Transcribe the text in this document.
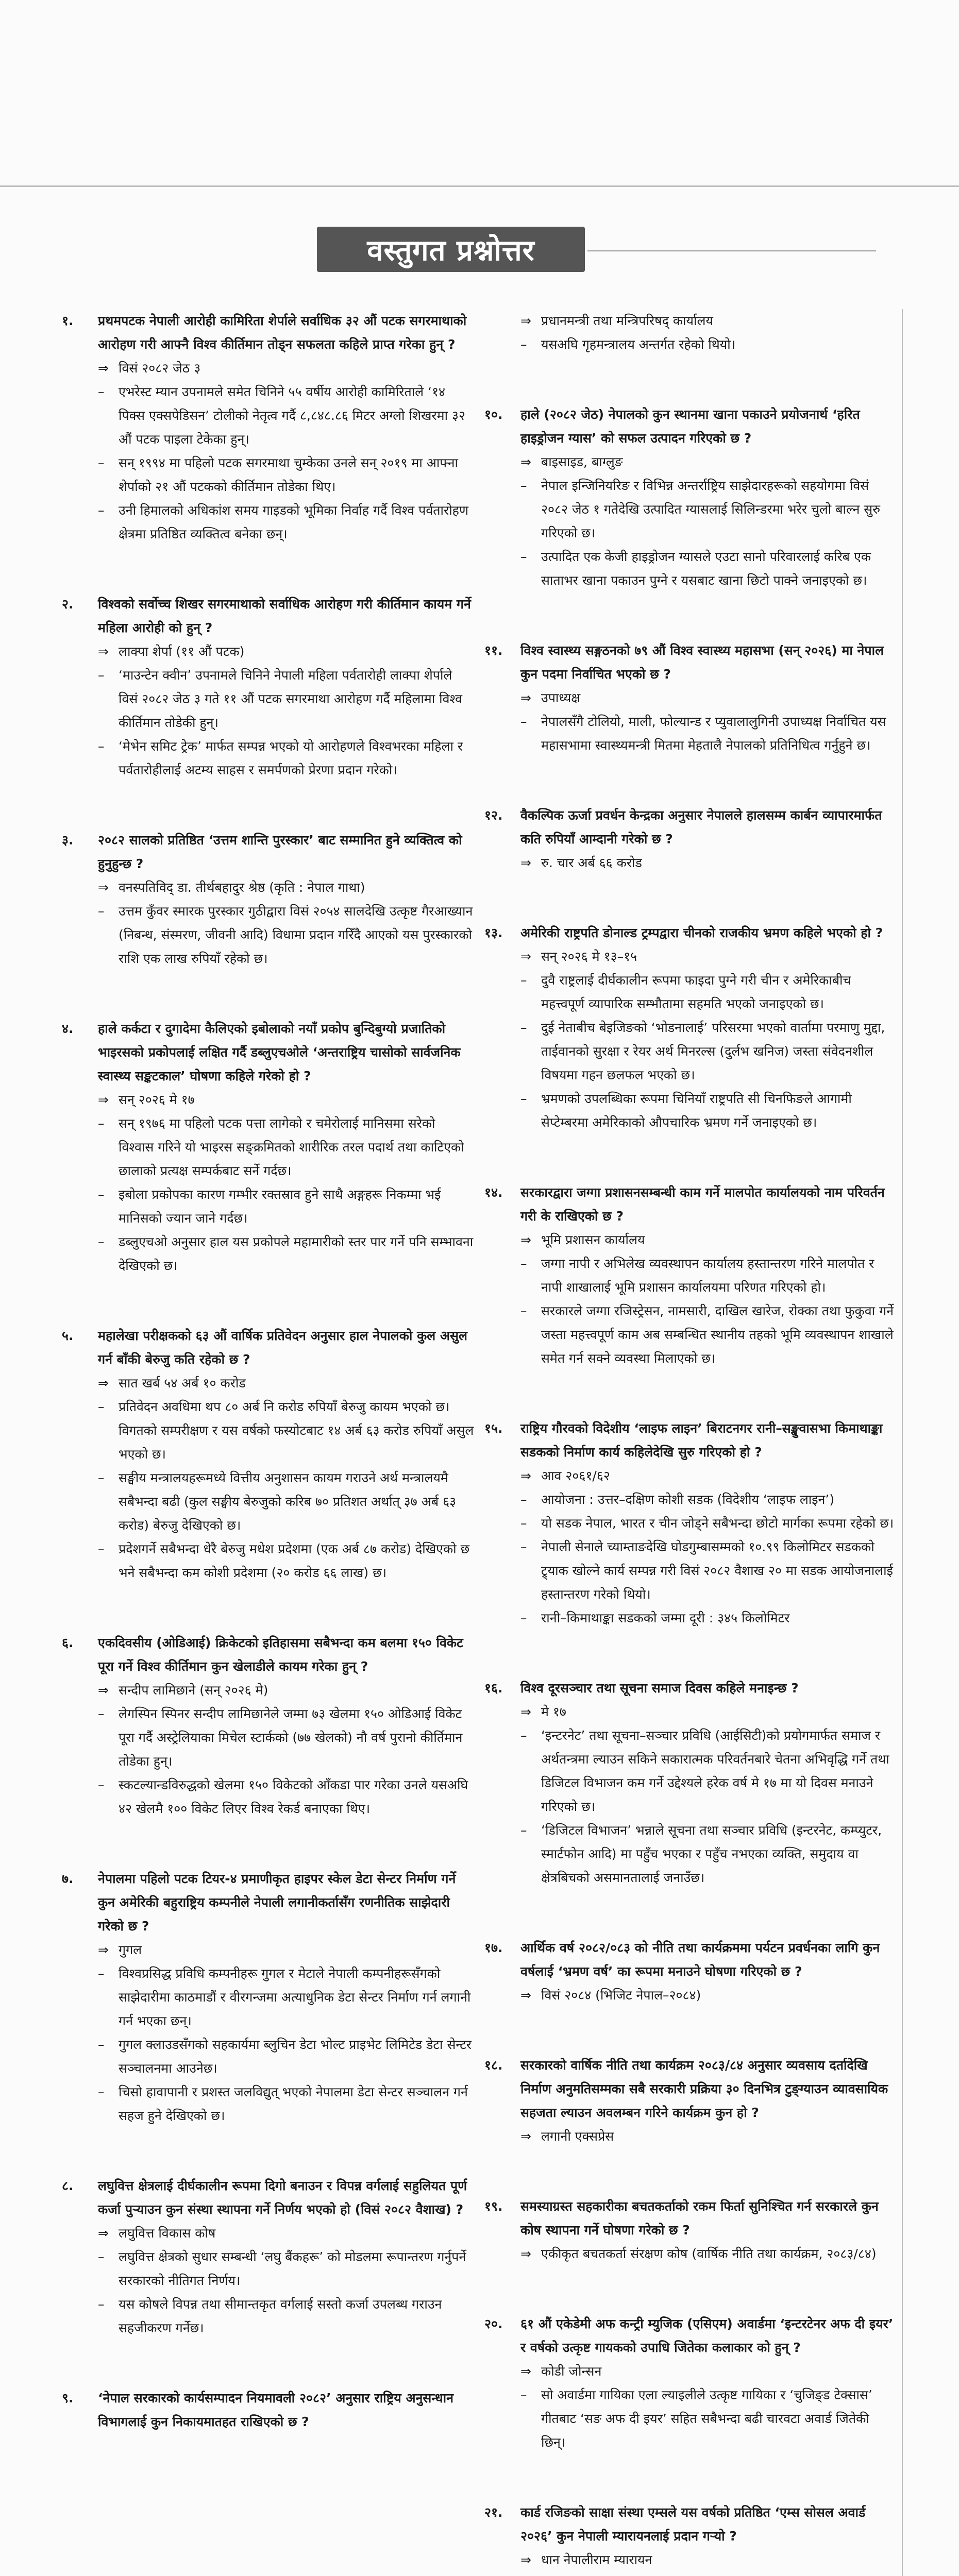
वस्तुगत प्रश्नोत्तर
१.	प्रथमपटक नेपाली आरोही कामिरिता शेर्पाले सर्वाधिक ३२ औं पटक सगरमाथाको आरोहण गरी आफ्नै विश्व कीर्तिमान तोड्न सफलता कहिले प्राप्त गरेका हुन् ?
⇒ विसं २०८२ जेठ ३
–	एभरेस्ट म्यान उपनामले समेत चिनिने ५५ वर्षीय आरोही कामिरिताले ‘१४ पिक्स एक्सपेडिसन’ टोलीको नेतृत्व गर्दै ८,८४८.८६ मिटर अग्लो शिखरमा ३२ औं पटक पाइला टेकेका हुन्।
–	सन् १९९४ मा पहिलो पटक सगरमाथा चुम्केका उनले सन् २०१९ मा आफ्ना शेर्पाको २१ औं पटकको कीर्तिमान तोडेका थिए।
–	उनी हिमालको अधिकांश समय गाइडको भूमिका निर्वाह गर्दै विश्व पर्वतारोहण क्षेत्रमा प्रतिष्ठित व्यक्तित्व बनेका छन्।
२.	विश्वको सर्वोच्च शिखर सगरमाथाको सर्वाधिक आरोहण गरी कीर्तिमान कायम गर्ने महिला आरोही को हुन् ?
⇒ लाक्पा शेर्पा (११ औं पटक)
–	‘माउन्टेन क्वीन’ उपनामले चिनिने नेपाली महिला पर्वतारोही लाक्पा शेर्पाले विसं २०८२ जेठ ३ गते ११ औं पटक सगरमाथा आरोहण गर्दै महिलामा विश्व कीर्तिमान तोडेकी हुन्।
–	‘मेभेन समिट ट्रेक’ मार्फत सम्पन्न भएको यो आरोहणले विश्वभरका महिला र पर्वतारोहीलाई अटम्य साहस र समर्पणको प्रेरणा प्रदान गरेको।
३.	२०८२ सालको प्रतिष्ठित ‘उत्तम शान्ति पुरस्कार’ बाट सम्मानित हुने व्यक्तित्व को हुनुहुन्छ ?
⇒ वनस्पतिविद् डा. तीर्थबहादुर श्रेष्ठ (कृति : नेपाल गाथा)
–	उत्तम कुँवर स्मारक पुरस्कार गुठीद्वारा विसं २०५४ सालदेखि उत्कृष्ट गैरआख्यान (निबन्ध, संस्मरण, जीवनी आदि) विधामा प्रदान गरिँदै आएको यस पुरस्कारको राशि एक लाख रुपियाँ रहेको छ।
४.	हाले कर्कटा र दुगादेमा कैलिएको इबोलाको नयाँ प्रकोप बुन्दिबुग्यो प्रजातिको भाइरसको प्रकोपलाई लक्षित गर्दै डब्लुएचओले ‘अन्तराष्ट्रिय चासोको सार्वजनिक स्वास्थ्य सङ्कटकाल’ घोषणा कहिले गरेको हो ?
⇒ सन् २०२६ मे १७
–	सन् १९७६ मा पहिलो पटक पत्ता लागेको र चमेरोलाई मानिसमा सरेको विश्वास गरिने यो भाइरस सङ्क्रमितको शारीरिक तरल पदार्थ तथा काटिएको छालाको प्रत्यक्ष सम्पर्कबाट सर्ने गर्दछ।
–	इबोला प्रकोपका कारण गम्भीर रक्तस्राव हुने साथै अङ्गहरू निकम्मा भई मानिसको ज्यान जाने गर्दछ।
–	डब्लुएचओ अनुसार हाल यस प्रकोपले महामारीको स्तर पार गर्ने पनि सम्भावना देखिएको छ।
५.	महालेखा परीक्षकको ६३ औं वार्षिक प्रतिवेदन अनुसार हाल नेपालको कुल असुल गर्न बाँकी बेरुजु कति रहेको छ ?
⇒ सात खर्ब ५४ अर्ब १० करोड
–	प्रतिवेदन अवधिमा थप ८० अर्ब नि करोड रुपियाँ बेरुजु कायम भएको छ। विगतको सम्परीक्षण र यस वर्षको फस्योटबाट १४ अर्ब ६३ करोड रुपियाँ असुल भएको छ।
–	सङ्घीय मन्त्रालयहरूमध्ये वित्तीय अनुशासन कायम गराउने अर्थ मन्त्रालयमै सबैभन्दा बढी (कुल सङ्घीय बेरुजुको करिब ७० प्रतिशत अर्थात् ३७ अर्ब ६३ करोड) बेरुजु देखिएको छ।
–	प्रदेशगर्ने सबैभन्दा धेरै बेरुजु मधेश प्रदेशमा (एक अर्ब ८७ करोड) देखिएको छ भने सबैभन्दा कम कोशी प्रदेशमा (२० करोड ६६ लाख) छ।
६.	एकदिवसीय (ओडिआई) क्रिकेटको इतिहासमा सबैभन्दा कम बलमा १५० विकेट पूरा गर्ने विश्व कीर्तिमान कुन खेलाडीले कायम गरेका हुन् ?
⇒ सन्दीप लामिछाने (सन् २०२६ मे)
–	लेगस्पिन स्पिनर सन्दीप लामिछानेले जम्मा ७३ खेलमा १५० ओडिआई विकेट पूरा गर्दै अस्ट्रेलियाका मिचेल स्टार्कको (७७ खेलको) नौ वर्ष पुरानो कीर्तिमान तोडेका हुन्।
–	स्कटल्यान्डविरुद्धको खेलमा १५० विकेटको आँकडा पार गरेका उनले यसअघि ४२ खेलमै १०० विकेट लिएर विश्व रेकर्ड बनाएका थिए।
७.	नेपालमा पहिलो पटक टियर-४ प्रमाणीकृत हाइपर स्केल डेटा सेन्टर निर्माण गर्ने कुन अमेरिकी बहुराष्ट्रिय कम्पनीले नेपाली लगानीकर्तासँग रणनीतिक साझेदारी गरेको छ ?
⇒ गुगल
–	विश्वप्रसिद्ध प्रविधि कम्पनीहरू गुगल र मेटाले नेपाली कम्पनीहरूसँगको साझेदारीमा काठमाडौं र वीरगन्जमा अत्याधुनिक डेटा सेन्टर निर्माण गर्न लगानी गर्न भएका छन्।
–	गुगल क्लाउडसँगको सहकार्यमा ब्लुचिन डेटा भोल्ट प्राइभेट लिमिटेड डेटा सेन्टर सञ्चालनमा आउनेछ।
–	चिसो हावापानी र प्रशस्त जलविद्युत् भएको नेपालमा डेटा सेन्टर सञ्चालन गर्न सहज हुने देखिएको छ।
८.	लघुवित्त क्षेत्रलाई दीर्घकालीन रूपमा दिगो बनाउन र विपन्न वर्गलाई सहुलियत पूर्ण कर्जा पुऱ्याउन कुन संस्था स्थापना गर्ने निर्णय भएको हो (विसं २०८२ वैशाख) ?
⇒ लघुवित्त विकास कोष
–	लघुवित्त क्षेत्रको सुधार सम्बन्धी ‘लघु बैंकहरू’ को मोडलमा रूपान्तरण गर्नुपर्ने सरकारको नीतिगत निर्णय।
–	यस कोषले विपन्न तथा सीमान्तकृत वर्गलाई सस्तो कर्जा उपलब्ध गराउन सहजीकरण गर्नेछ।
९.	‘नेपाल सरकारको कार्यसम्पादन नियमावली २०८२’ अनुसार राष्ट्रिय अनुसन्धान विभागलाई कुन निकायमातहत राखिएको छ ?
⇒ प्रधानमन्त्री तथा मन्त्रिपरिषद् कार्यालय
–	यसअघि गृहमन्त्रालय अन्तर्गत रहेको थियो।
१०.	हाले (२०८२ जेठ) नेपालको कुन स्थानमा खाना पकाउने प्रयोजनार्थ ‘हरित हाइड्रोजन ग्यास’ को सफल उत्पादन गरिएको छ ?
⇒ बाइसाइड, बाग्लुङ
–	नेपाल इन्जिनियरिङ र विभिन्न अन्तर्राष्ट्रिय साझेदारहरूको सहयोगमा विसं २०८२ जेठ १ गतेदेखि उत्पादित ग्यासलाई सिलिन्डरमा भरेर चुलो बाल्न सुरु गरिएको छ।
–	उत्पादित एक केजी हाइड्रोजन ग्यासले एउटा सानो परिवारलाई करिब एक साताभर खाना पकाउन पुग्ने र यसबाट खाना छिटो पाक्ने जनाइएको छ।
११.	विश्व स्वास्थ्य सङ्गठनको ७९ औं विश्व स्वास्थ्य महासभा (सन् २०२६) मा नेपाल कुन पदमा निर्वाचित भएको छ ?
⇒ उपाध्यक्ष
–	नेपालसँगै टोलियो, माली, फोल्यान्ड र प्युवालालुगिनी उपाध्यक्ष निर्वाचित यस महासभामा स्वास्थ्यमन्त्री मितमा मेहतालै नेपालको प्रतिनिधित्व गर्नुहुने छ।
१२.	वैकल्पिक ऊर्जा प्रवर्धन केन्द्रका अनुसार नेपालले हालसम्म कार्बन व्यापारमार्फत कति रुपियाँ आम्दानी गरेको छ ?
⇒ रु. चार अर्ब ६६ करोड
१३.	अमेरिकी राष्ट्रपति डोनाल्ड ट्रम्पद्वारा चीनको राजकीय भ्रमण कहिले भएको हो ?
⇒ सन् २०२६ मे १३–१५
–	दुवै राष्ट्रलाई दीर्घकालीन रूपमा फाइदा पुग्ने गरी चीन र अमेरिकाबीच महत्त्वपूर्ण व्यापारिक सम्भौतामा सहमति भएको जनाइएको छ।
–	दुई नेताबीच बेइजिङको ‘भोडनालाई’ परिसरमा भएको वार्तामा परमाणु मुद्दा, ताईवानको सुरक्षा र रेयर अर्थ मिनरल्स (दुर्लभ खनिज) जस्ता संवेदनशील विषयमा गहन छलफल भएको छ।
–	भ्रमणको उपलब्धिका रूपमा चिनियाँ राष्ट्रपति सी चिनफिङले आगामी सेप्टेम्बरमा अमेरिकाको औपचारिक भ्रमण गर्ने जनाइएको छ।
१४.	सरकारद्वारा जग्गा प्रशासनसम्बन्धी काम गर्ने मालपोत कार्यालयको नाम परिवर्तन गरी के राखिएको छ ?
⇒ भूमि प्रशासन कार्यालय
–	जग्गा नापी र अभिलेख व्यवस्थापन कार्यालय हस्तान्तरण गरिने मालपोत र नापी शाखालाई भूमि प्रशासन कार्यालयमा परिणत गरिएको हो।
–	सरकारले जग्गा रजिस्ट्रेसन, नामसारी, दाखिल खारेज, रोक्का तथा फुकुवा गर्ने जस्ता महत्त्वपूर्ण काम अब सम्बन्धित स्थानीय तहको भूमि व्यवस्थापन शाखाले समेत गर्न सक्ने व्यवस्था मिलाएको छ।
१५.	राष्ट्रिय गौरवको विदेशीय ‘लाइफ लाइन’ बिराटनगर रानी–सङ्खुवासभा किमाथाङ्का सडकको निर्माण कार्य कहिलेदेखि सुरु गरिएको हो ?
⇒ आव २०६१/६२
–	आयोजना : उत्तर–दक्षिण कोशी सडक (विदेशीय ‘लाइफ लाइन’)
–	यो सडक नेपाल, भारत र चीन जोड्ने सबैभन्दा छोटो मार्गका रूपमा रहेको छ।
–	नेपाली सेनाले च्याम्ताङदेखि घोडगुम्बासम्मको १०.९९ किलोमिटर सडकको ट्र्याक खोल्ने कार्य सम्पन्न गरी विसं २०८२ वैशाख २० मा सडक आयोजनालाई हस्तान्तरण गरेको थियो।
–	रानी–किमाथाङ्का सडकको जम्मा दूरी : ३४५ किलोमिटर
१६.	विश्व दूरसञ्चार तथा सूचना समाज दिवस कहिले मनाइन्छ ?
⇒ मे १७
–	‘इन्टरनेट’ तथा सूचना–सञ्चार प्रविधि (आईसिटी)को प्रयोगमार्फत समाज र अर्थतन्त्रमा ल्याउन सकिने सकारात्मक परिवर्तनबारे चेतना अभिवृद्धि गर्ने तथा डिजिटल विभाजन कम गर्ने उद्देश्यले हरेक वर्ष मे १७ मा यो दिवस मनाउने गरिएको छ।
–	‘डिजिटल विभाजन’ भन्नाले सूचना तथा सञ्चार प्रविधि (इन्टरनेट, कम्प्युटर, स्मार्टफोन आदि) मा पहुँच भएका र पहुँच नभएका व्यक्ति, समुदाय वा क्षेत्रबिचको असमानतालाई जनाउँछ।
१७.	आर्थिक वर्ष २०८२/०८३ को नीति तथा कार्यक्रममा पर्यटन प्रवर्धनका लागि कुन वर्षलाई ‘भ्रमण वर्ष’ का रूपमा मनाउने घोषणा गरिएको छ ?
⇒ विसं २०८४ (भिजिट नेपाल–२०८४)
१८.	सरकारको वार्षिक नीति तथा कार्यक्रम २०८३/८४ अनुसार व्यवसाय दर्तादेखि निर्माण अनुमतिसम्मका सबै सरकारी प्रक्रिया ३० दिनभित्र टुङ्ग्याउन व्यावसायिक सहजता ल्याउन अवलम्बन गरिने कार्यक्रम कुन हो ?
⇒ लगानी एक्सप्रेस
१९.	समस्याग्रस्त सहकारीका बचतकर्ताको रकम फिर्ता सुनिश्चित गर्न सरकारले कुन कोष स्थापना गर्ने घोषणा गरेको छ ?
⇒ एकीकृत बचतकर्ता संरक्षण कोष (वार्षिक नीति तथा कार्यक्रम, २०८३/८४)
२०.	६१ औं एकेडेमी अफ कन्ट्री म्युजिक (एसिएम) अवार्डमा ‘इन्टरटेनर अफ दी इयर’ र वर्षको उत्कृष्ट गायकको उपाधि जितेका कलाकार को हुन् ?
⇒ कोडी जोन्सन
–	सो अवार्डमा गायिका एला ल्याइलीले उत्कृष्ट गायिका र ‘चुजिङ्ड टेक्सास’ गीतबाट ‘सङ अफ दी इयर’ सहित सबैभन्दा बढी चारवटा अवार्ड जितेकी छिन्।
२१.	कार्ड रजिङको साक्षा संस्था एम्सले यस वर्षको प्रतिष्ठित ‘एम्स सोसल अवार्ड २०२६’ कुन नेपाली म्यारायनलाई प्रदान गर्‍यो ?
⇒ धान नेपालीराम म्यारायन
